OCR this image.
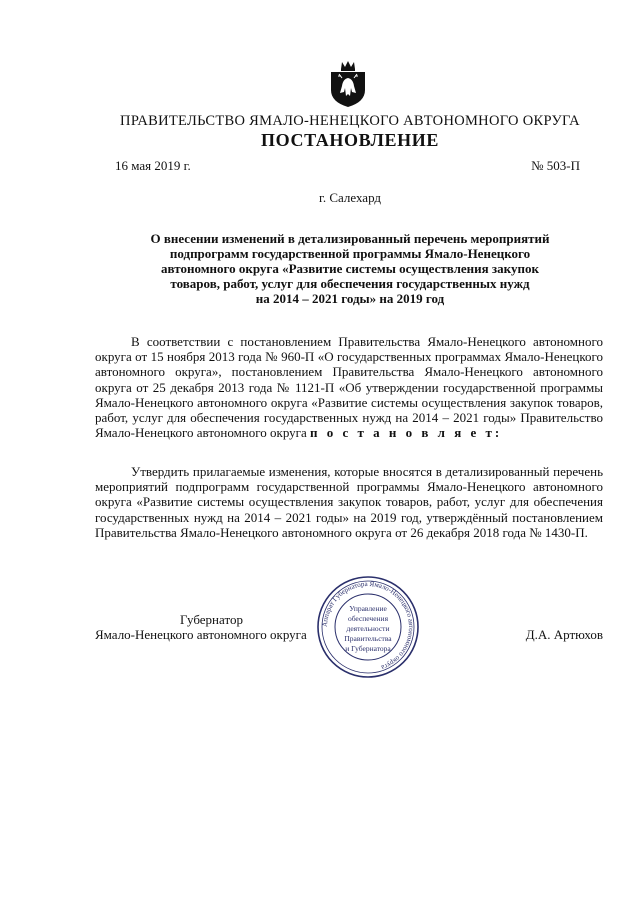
ПРАВИТЕЛЬСТВО ЯМАЛО-НЕНЕЦКОГО АВТОНОМНОГО ОКРУГА
ПОСТАНОВЛЕНИЕ
16 мая 2019 г.	№ 503-П
г. Салехард
О внесении изменений в детализированный перечень мероприятий
подпрограмм государственной программы Ямало-Ненецкого
автономного округа «Развитие системы осуществления закупок
товаров, работ, услуг для обеспечения государственных нужд
на 2014 – 2021 годы» на 2019 год

В соответствии с постановлением Правительства Ямало-Ненецкого автономного округа от 15 ноября 2013 года № 960-П «О государственных программах Ямало-Ненецкого автономного округа», постановлением Правительства Ямало-Ненецкого автономного округа от 25 декабря 2013 года № 1121-П «Об утверждении государственной программы Ямало-Ненецкого автономного округа «Развитие системы осуществления закупок товаров, работ, услуг для обеспечения государственных нужд на 2014 – 2021 годы» Правительство Ямало-Ненецкого автономного округа п о с т а н о в л я е т:

Утвердить прилагаемые изменения, которые вносятся в детализированный перечень мероприятий подпрограмм государственной программы Ямало-Ненецкого автономного округа «Развитие системы осуществления закупок товаров, работ, услуг для обеспечения государственных нужд на 2014 – 2021 годы» на 2019 год, утверждённый постановлением Правительства Ямало-Ненецкого автономного округа от 26 декабря 2018 года № 1430-П.

Губернатор
Ямало-Ненецкого автономного округа	Д.А. Артюхов
Аппарат Губернатора Ямало-Ненецкого автономного округа
Управление
обеспечения
деятельности
Правительства
и Губернатора
